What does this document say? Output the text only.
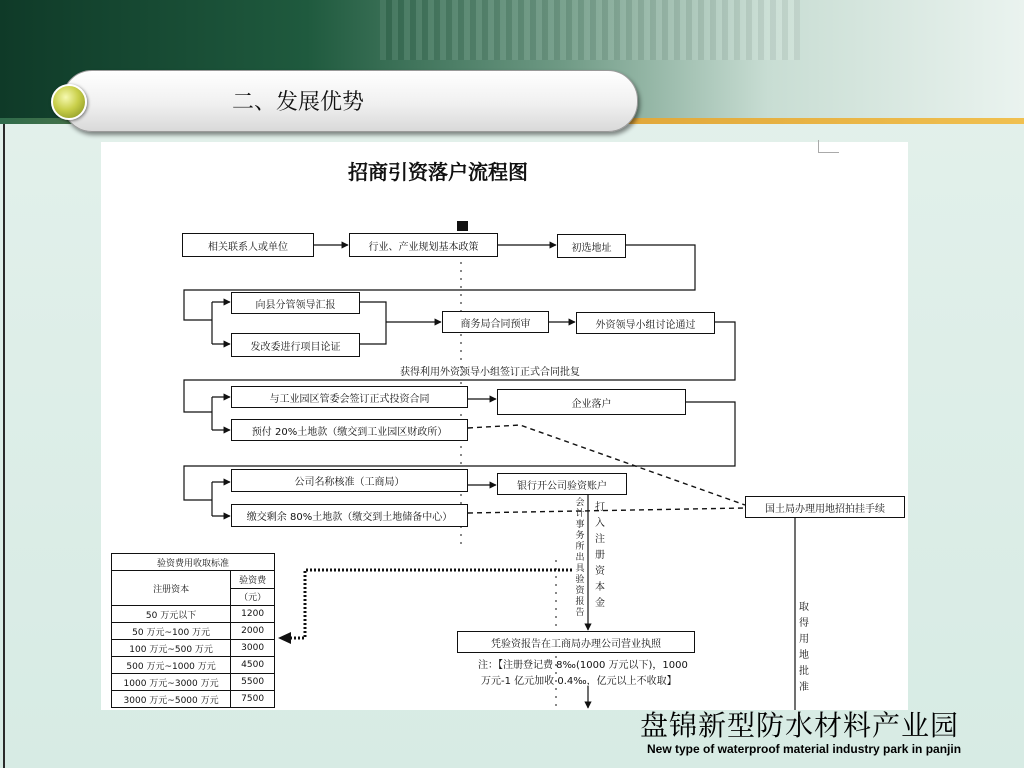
二、发展优势
招商引资落户流程图
相关联系人或单位	行业、产业规划基本政策	初选地址
向县分管领导汇报
发改委进行项目论证
商务局合同预审	外资领导小组讨论通过
获得利用外资领导小组签订正式合同批复
与工业园区管委会签订正式投资合同	企业落户
预付 20%土地款（缴交到工业园区财政所）
公司名称核准（工商局）	银行开公司验资账户
国土局办理用地招拍挂手续
缴交剩余 80%土地款（缴交到土地储备中心）
会计事务所出具验资报告
打入注册资本金	取得用地批准
凭验资报告在工商局办理公司营业执照
注：【注册登记费 8‰(1000 万元以下)，1000
万元-1 亿元加收 0.4‰，亿元以上不收取】
验资费用收取标准	
注册资本	验资费
	（元）
50 万元以下	1200
50 万元~100 万元	2000
100 万元~500 万元	3000
500 万元~1000 万元	4500
1000 万元~3000 万元	5500
3000 万元~5000 万元	7500
盘锦新型防水材料产业园
New type of waterproof material industry park in panjin
